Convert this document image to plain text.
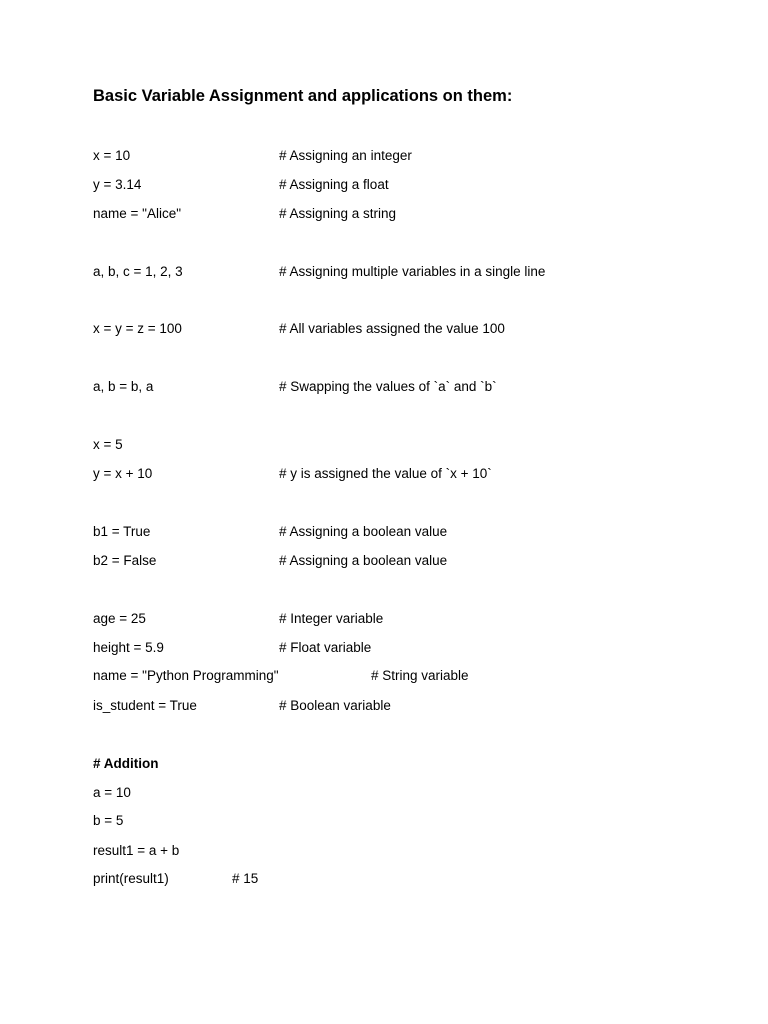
Basic Variable Assignment and applications on them:
x = 10	# Assigning an integer
y = 3.14	# Assigning a float
name = "Alice"	# Assigning a string
a, b, c = 1, 2, 3	# Assigning multiple variables in a single line
x = y = z = 100	# All variables assigned the value 100
a, b = b, a	# Swapping the values of `a` and `b`
x = 5
y = x + 10	# y is assigned the value of `x + 10`
b1 = True	# Assigning a boolean value
b2 = False	# Assigning a boolean value
age = 25	# Integer variable
height = 5.9	# Float variable
name = "Python Programming"	# String variable
is_student = True	# Boolean variable
# Addition
a = 10
b = 5
result1 = a + b
print(result1)	# 15
